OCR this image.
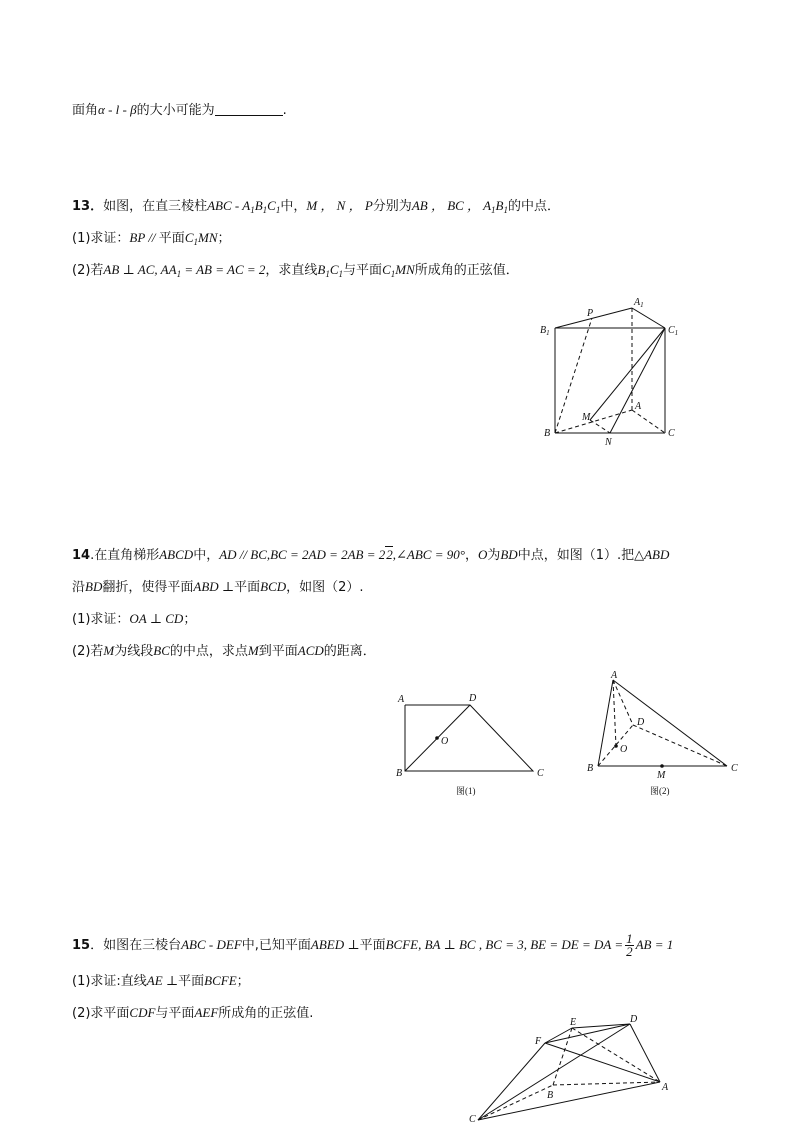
面角α - l - β的大小可能为	.
13．如图，在直三棱柱ABC - $A_1B_1C_1$中，M ， N ， P分别为AB ， BC ， $A_1B_1$的中点．
(1)求证：BP // 平面$C_1MN$；
(2)若AB ⊥ AC, $AA_1$ = AB = AC = 2，求直线$B_1C_1$与平面$C_1MN$所成角的正弦值．
P
$A_1$
$B_1$	$C_1$
M
A
B	C
N
14.在直角梯形ABCD中，AD // BC,BC = 2AD = 2AB = 22,∠ABC = 90°，O为BD中点，如图（1）.把△ABD
沿BD翻折，使得平面ABD ⊥平面BCD，如图（2）.
(1)求证：OA ⊥ CD；
(2)若M为线段BC的中点，求点M到平面ACD的距离．
A	D
O
B	C
图(1)
A
D
O
B
M
C
图(2)
15．如图在三棱台ABC - DEF中,已知平面ABED ⊥平面BCFE, BA ⊥ BC , BC = 3, BE = DE = DA = $\frac{1}{2}$ AB = 1
(1)求证:直线AE ⊥平面BCFE；
(2)求平面CDF与平面AEF所成角的正弦值.
F
E	D
B
A
C
